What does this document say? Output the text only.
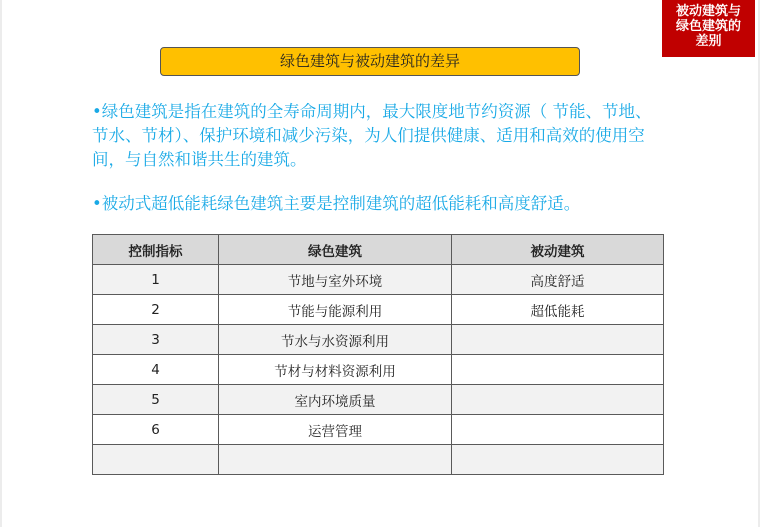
被动建筑与
绿色建筑的
差别
绿色建筑与被动建筑的差异

•绿色建筑是指在建筑的全寿命周期内，最大限度地节约资源（ 节能、节地、节水、节材）、保护环境和减少污染，为人们提供健康、适用和高效的使用空间，与自然和谐共生的建筑。

•被动式超低能耗绿色建筑主要是控制建筑的超低能耗和高度舒适。

控制指标	绿色建筑	被动建筑
1	节地与室外环境	高度舒适
2	节能与能源利用	超低能耗
3	节水与水资源利用	
4	节材与材料资源利用	
5	室内环境质量	
6	运营管理	
